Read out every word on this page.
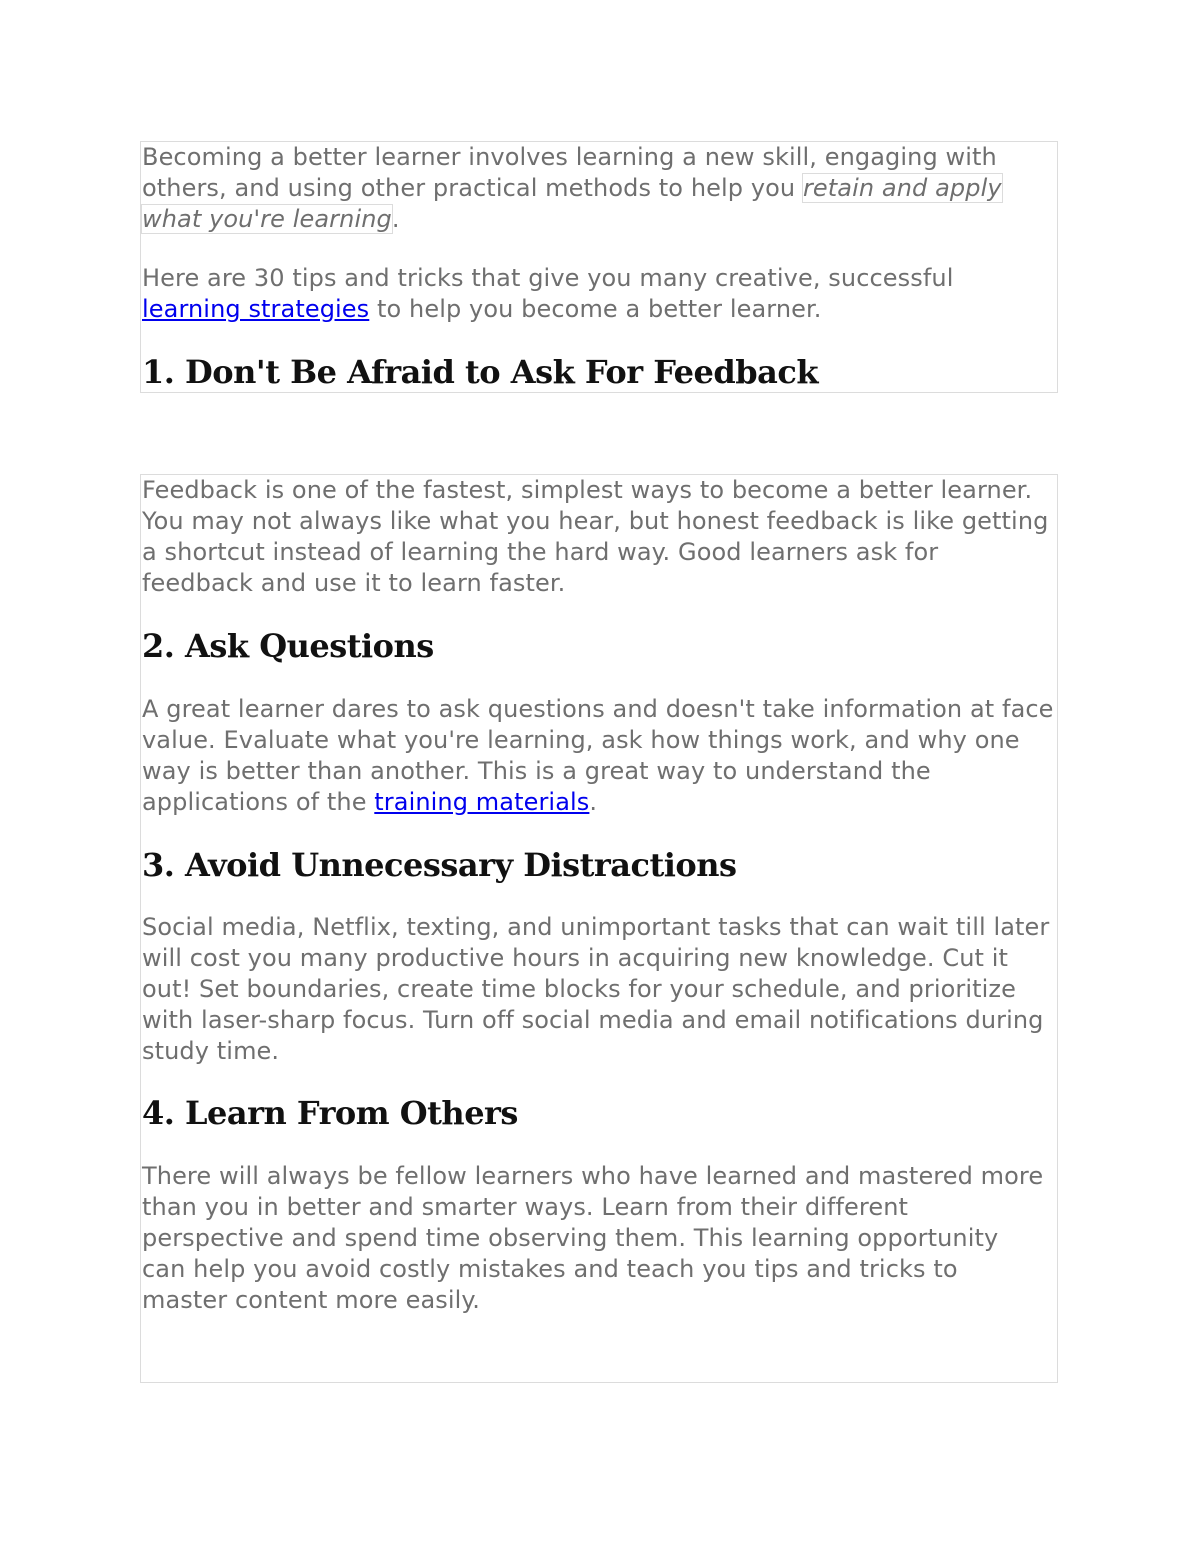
Becoming a better learner involves learning a new skill, engaging with others, and using other practical methods to help you retain and apply what you're learning.

Here are 30 tips and tricks that give you many creative, successful learning strategies to help you become a better learner.

1. Don't Be Afraid to Ask For Feedback

Feedback is one of the fastest, simplest ways to become a better learner. You may not always like what you hear, but honest feedback is like getting a shortcut instead of learning the hard way. Good learners ask for feedback and use it to learn faster.

2. Ask Questions

A great learner dares to ask questions and doesn't take information at face value. Evaluate what you're learning, ask how things work, and why one way is better than another. This is a great way to understand the applications of the training materials.

3. Avoid Unnecessary Distractions

Social media, Netflix, texting, and unimportant tasks that can wait till later will cost you many productive hours in acquiring new knowledge. Cut it out! Set boundaries, create time blocks for your schedule, and prioritize with laser-sharp focus. Turn off social media and email notifications during study time.

4. Learn From Others

There will always be fellow learners who have learned and mastered more than you in better and smarter ways. Learn from their different perspective and spend time observing them. This learning opportunity can help you avoid costly mistakes and teach you tips and tricks to master content more easily.
